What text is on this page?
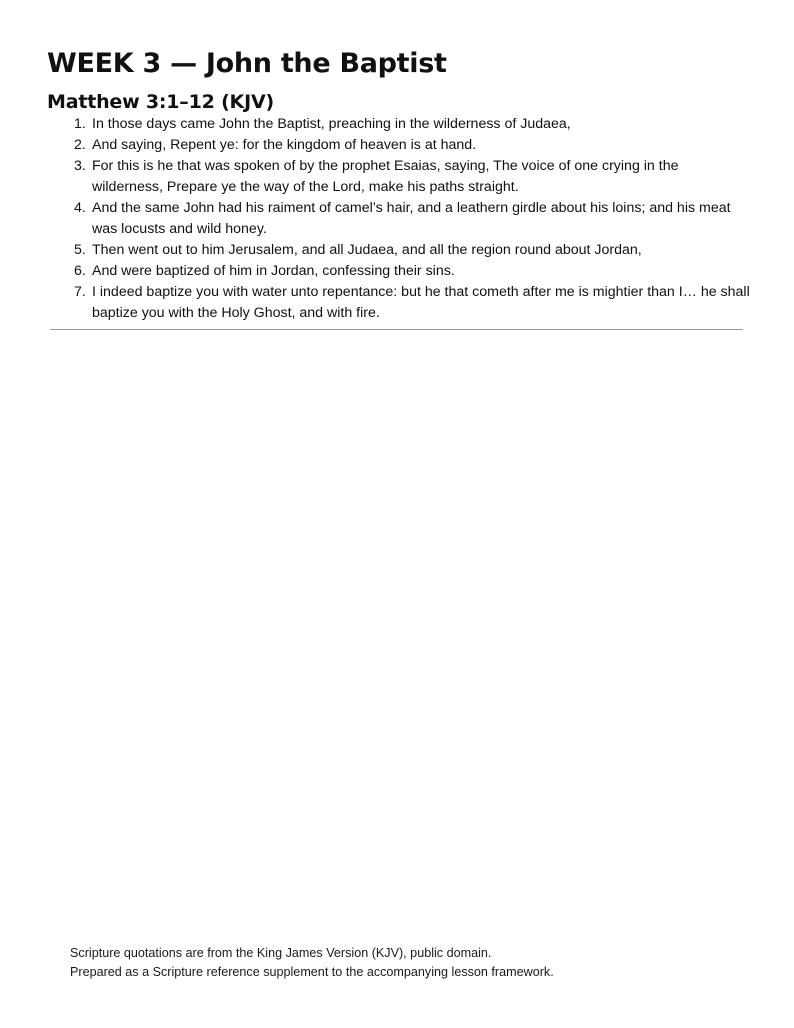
WEEK 3 — John the Baptist
Matthew 3:1–12 (KJV)
1. In those days came John the Baptist, preaching in the wilderness of Judaea,
2. And saying, Repent ye: for the kingdom of heaven is at hand.
3. For this is he that was spoken of by the prophet Esaias, saying, The voice of one crying in the wilderness, Prepare ye the way of the Lord, make his paths straight.
4. And the same John had his raiment of camel’s hair, and a leathern girdle about his loins; and his meat was locusts and wild honey.
5. Then went out to him Jerusalem, and all Judaea, and all the region round about Jordan,
6. And were baptized of him in Jordan, confessing their sins.
7. I indeed baptize you with water unto repentance: but he that cometh after me is mightier than I… he shall baptize you with the Holy Ghost, and with fire.

Scripture quotations are from the King James Version (KJV), public domain.

Prepared as a Scripture reference supplement to the accompanying lesson framework.
